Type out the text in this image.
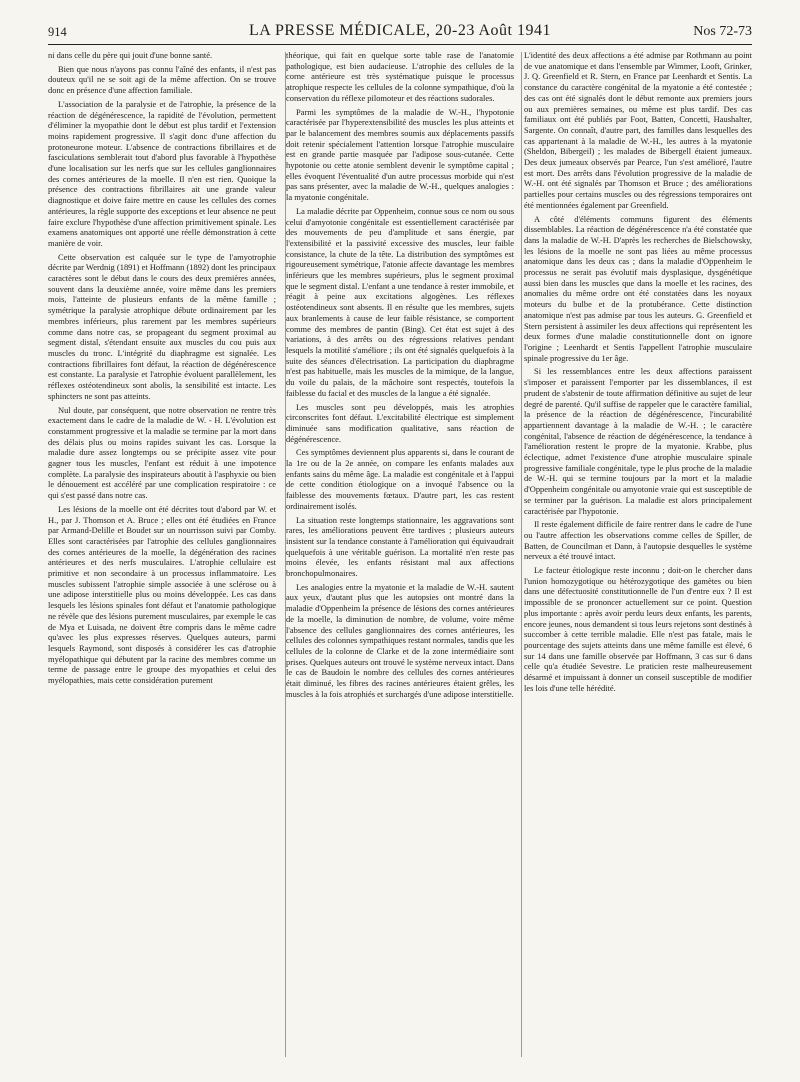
914	LA PRESSE MÉDICALE, 20-23 Août 1941	Nos 72-73

ni dans celle du père qui jouit d'une bonne santé.

Bien que nous n'ayons pas connu l'aîné des enfants, il n'est pas douteux qu'il ne se soit agi de la même affection. On se trouve donc en présence d'une affection familiale.

L'association de la paralysie et de l'atrophie, la présence de la réaction de dégénérescence, la rapidité de l'évolution, permettent d'éliminer la myopathie dont le début est plus tardif et l'extension moins rapidement progressive. Il s'agit donc d'une affection du protoneurone moteur. L'absence de contractions fibrillaires et de fasciculations semblerait tout d'abord plus favorable à l'hypothèse d'une localisation sur les nerfs que sur les cellules ganglionnaires des cornes antérieures de la moelle. Il n'en est rien. Quoique la présence des contractions fibrillaires ait une grande valeur diagnostique et doive faire mettre en cause les cellules des cornes antérieures, la règle supporte des exceptions et leur absence ne peut faire exclure l'hypothèse d'une affection primitivement spinale. Les examens anatomiques ont apporté une réelle démonstration à cette manière de voir.

Cette observation est calquée sur le type de l'amyotrophie décrite par Werdnig (1891) et Hoffmann (1892) dont les principaux caractères sont le début dans le cours des deux premières années, souvent dans la deuxième année, voire même dans les premiers mois, l'atteinte de plusieurs enfants de la même famille ; symétrique la paralysie atrophique débute ordinairement par les membres inférieurs, plus rarement par les membres supérieurs comme dans notre cas, se propageant du segment proximal au segment distal, s'étendant ensuite aux muscles du cou puis aux muscles du tronc. L'intégrité du diaphragme est signalée. Les contractions fibrillaires font défaut, la réaction de dégénérescence est constante. La paralysie et l'atrophie évoluent parallèlement, les réflexes ostéotendineux sont abolis, la sensibilité est intacte. Les sphincters ne sont pas atteints.

Nul doute, par conséquent, que notre observation ne rentre très exactement dans le cadre de la maladie de W. - H. L'évolution est constamment progressive et la maladie se termine par la mort dans des délais plus ou moins rapides suivant les cas. Lorsque la maladie dure assez longtemps ou se précipite assez vite pour gagner tous les muscles, l'enfant est réduit à une impotence complète. La paralysie des inspirateurs aboutit à l'asphyxie ou bien le dénouement est accéléré par une complication respiratoire : ce qui s'est passé dans notre cas.

Les lésions de la moelle ont été décrites tout d'abord par W. et H., par J. Thomson et A. Bruce ; elles ont été étudiées en France par Armand-Delille et Boudet sur un nourrisson suivi par Comby. Elles sont caractérisées par l'atrophie des cellules ganglionnaires des cornes antérieures de la moelle, la dégénération des racines antérieures et des nerfs musculaires. L'atrophie cellulaire est primitive et non secondaire à un processus inflammatoire. Les muscles subissent l'atrophie simple associée à une sclérose ou à une adipose interstitielle plus ou moins développée. Les cas dans lesquels les lésions spinales font défaut et l'anatomie pathologique ne révèle que des lésions purement musculaires, par exemple le cas de Mya et Luisada, ne doivent être compris dans le même cadre qu'avec les plus expresses réserves. Quelques auteurs, parmi lesquels Raymond, sont disposés à considérer les cas d'atrophie myélopathique qui débutent par la racine des membres comme un terme de passage entre le groupe des myopathies et celui des myélopathies, mais cette considération purement

théorique, qui fait en quelque sorte table rase de l'anatomie pathologique, est bien audacieuse. L'atrophie des cellules de la corne antérieure est très systématique puisque le processus atrophique respecte les cellules de la colonne sympathique, d'où la conservation du réflexe pilomoteur et des réactions sudorales.

Parmi les symptômes de la maladie de W.-H., l'hypotonie caractérisée par l'hyperextensibilité des muscles les plus atteints et par le balancement des membres soumis aux déplacements passifs doit retenir spécialement l'attention lorsque l'atrophie musculaire est en grande partie masquée par l'adipose sous-cutanée. Cette hypotonie ou cette atonie semblent devenir le symptôme capital ; elles évoquent l'éventualité d'un autre processus morbide qui n'est pas sans présenter, avec la maladie de W.-H., quelques analogies : la myatonie congénitale.

La maladie décrite par Oppenheim, connue sous ce nom ou sous celui d'amyotonie congénitale est essentiellement caractérisée par des mouvements de peu d'amplitude et sans énergie, par l'extensibilité et la passivité excessive des muscles, leur faible consistance, la chute de la tête. La distribution des symptômes est rigoureusement symétrique, l'atonie affecte davantage les membres inférieurs que les membres supérieurs, plus le segment proximal que le segment distal. L'enfant a une tendance à rester immobile, et réagit à peine aux excitations algogènes. Les réflexes ostéotendineux sont absents. Il en résulte que les membres, sujets aux branlements à cause de leur faible résistance, se comportent comme des membres de pantin (Bing). Cet état est sujet à des variations, à des arrêts ou des régressions relatives pendant lesquels la motilité s'améliore ; ils ont été signalés quelquefois à la suite des séances d'électrisation. La participation du diaphragme n'est pas habituelle, mais les muscles de la mimique, de la langue, du voile du palais, de la mâchoire sont respectés, toutefois la faiblesse du facial et des muscles de la langue a été signalée.

Les muscles sont peu développés, mais les atrophies circonscrites font défaut. L'excitabilité électrique est simplement diminuée sans modification qualitative, sans réaction de dégénérescence.

Ces symptômes deviennent plus apparents si, dans le courant de la 1re ou de la 2e année, on compare les enfants malades aux enfants sains du même âge. La maladie est congénitale et à l'appui de cette condition étiologique on a invoqué l'absence ou la faiblesse des mouvements fœtaux. D'autre part, les cas restent ordinairement isolés.

La situation reste longtemps stationnaire, les aggravations sont rares, les améliorations peuvent être tardives ; plusieurs auteurs insistent sur la tendance constante à l'amélioration qui équivaudrait quelquefois à une véritable guérison. La mortalité n'en reste pas moins élevée, les enfants résistant mal aux affections bronchopulmonaires.

Les analogies entre la myatonie et la maladie de W.-H. sautent aux yeux, d'autant plus que les autopsies ont montré dans la maladie d'Oppenheim la présence de lésions des cornes antérieures de la moelle, la diminution de nombre, de volume, voire même l'absence des cellules ganglionnaires des cornes antérieures, les cellules des colonnes sympathiques restant normales, tandis que les cellules de la colonne de Clarke et de la zone intermédiaire sont prises. Quelques auteurs ont trouvé le système nerveux intact. Dans le cas de Baudoin le nombre des cellules des cornes antérieures était diminué, les fibres des racines antérieures étaient grêles, les muscles à la fois atrophiés et surchargés d'une adipose interstitielle.

L'identité des deux affections a été admise par Rothmann au point de vue anatomique et dans l'ensemble par Wimmer, Looft, Grinker, J. Q. Greenfield et R. Stern, en France par Leenhardt et Sentis. La constance du caractère congénital de la myatonie a été contestée ; des cas ont été signalés dont le début remonte aux premiers jours ou aux premières semaines, ou même est plus tardif. Des cas familiaux ont été publiés par Foot, Batten, Concetti, Haushalter, Sargente. On connaît, d'autre part, des familles dans lesquelles des cas appartenant à la maladie de W.-H., les autres à la myatonie (Sheldon, Bibergeil) ; les malades de Bibergell étaient jumeaux. Des deux jumeaux observés par Pearce, l'un s'est amélioré, l'autre est mort. Des arrêts dans l'évolution progressive de la maladie de W.-H. ont été signalés par Thomson et Bruce ; des améliorations partielles pour certains muscles ou des régressions temporaires ont été mentionnées également par Greenfield.

A côté d'éléments communs figurent des éléments dissemblables. La réaction de dégénérescence n'a été constatée que dans la maladie de W.-H. D'après les recherches de Bielschowsky, les lésions de la moelle ne sont pas liées au même processus anatomique dans les deux cas ; dans la maladie d'Oppenheim le processus ne serait pas évolutif mais dysplasique, dysgénétique aussi bien dans les muscles que dans la moelle et les racines, des anomalies du même ordre ont été constatées dans les noyaux moteurs du bulbe et de la protubérance. Cette distinction anatomique n'est pas admise par tous les auteurs. G. Greenfield et Stern persistent à assimiler les deux affections qui représentent les deux formes d'une maladie constitutionnelle dont on ignore l'origine ; Leenhardt et Sentis l'appellent l'atrophie musculaire spinale progressive du 1er âge.

Si les ressemblances entre les deux affections paraissent s'imposer et paraissent l'emporter par les dissemblances, il est prudent de s'abstenir de toute affirmation définitive au sujet de leur degré de parenté. Qu'il suffise de rappeler que le caractère familial, la présence de la réaction de dégénérescence, l'incurabilité appartiennent davantage à la maladie de W.-H. ; le caractère congénital, l'absence de réaction de dégénérescence, la tendance à l'amélioration restent le propre de la myatonie. Krabbe, plus éclectique, admet l'existence d'une atrophie musculaire spinale progressive familiale congénitale, type le plus proche de la maladie de W.-H. qui se termine toujours par la mort et la maladie d'Oppenheim congénitale ou amyotonie vraie qui est susceptible de se terminer par la guérison. La maladie est alors principalement caractérisée par l'hypotonie.

Il reste également difficile de faire rentrer dans le cadre de l'une ou l'autre affection les observations comme celles de Spiller, de Batten, de Councilman et Dann, à l'autopsie desquelles le système nerveux a été trouvé intact.

Le facteur étiologique reste inconnu ; doit-on le chercher dans l'union homozygotique ou hétérozygotique des gamètes ou bien dans une défectuosité constitutionnelle de l'un d'entre eux ? Il est impossible de se prononcer actuellement sur ce point. Question plus importante : après avoir perdu leurs deux enfants, les parents, encore jeunes, nous demandent si tous leurs rejetons sont destinés à succomber à cette terrible maladie. Elle n'est pas fatale, mais le pourcentage des sujets atteints dans une même famille est élevé, 6 sur 14 dans une famille observée par Hoffmann, 3 cas sur 6 dans celle qu'a étudiée Sevestre. Le praticien reste malheureusement désarmé et impuissant à donner un conseil susceptible de modifier les lois d'une telle hérédité.
